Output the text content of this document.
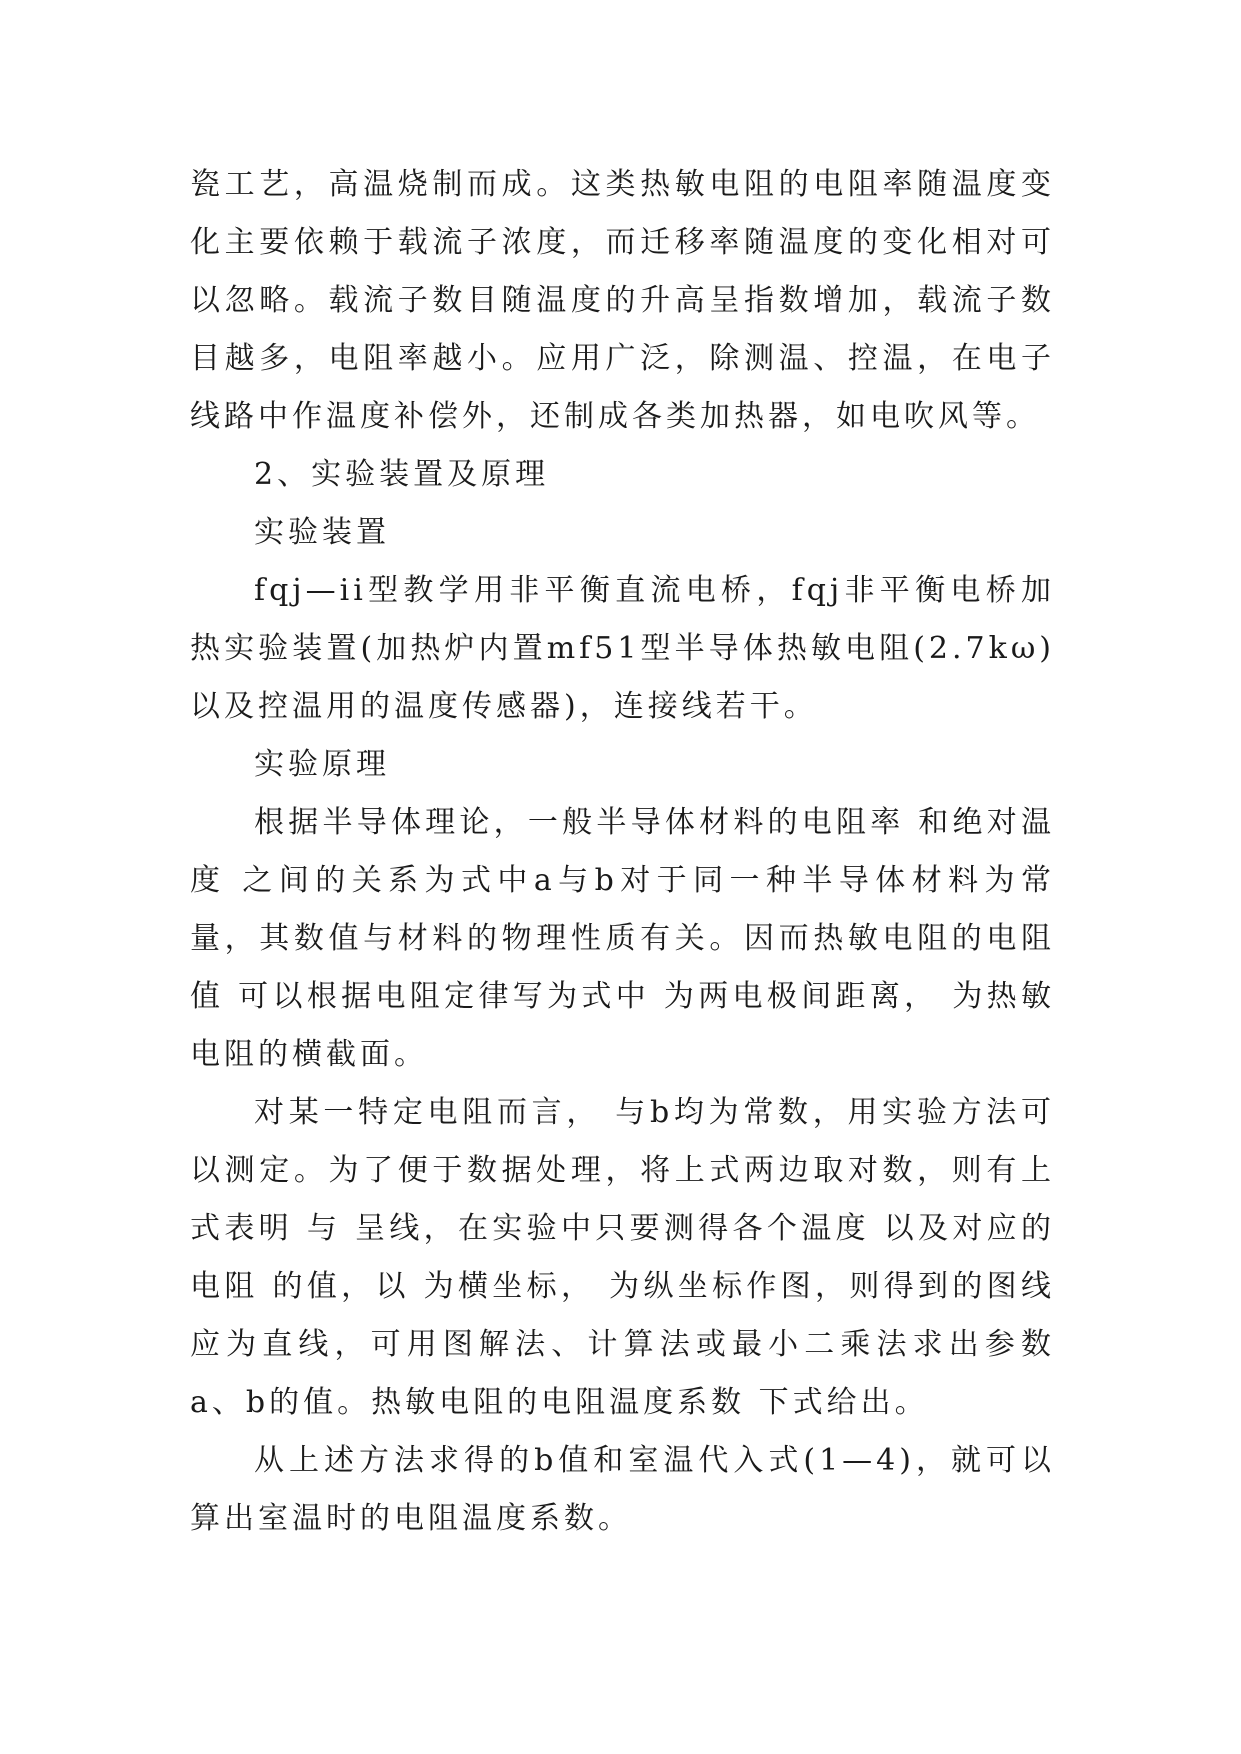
瓷工艺，高温烧制而成。这类热敏电阻的电阻率随温度变化主要依赖于载流子浓度，而迁移率随温度的变化相对可以忽略。载流子数目随温度的升高呈指数增加，载流子数目越多，电阻率越小。应用广泛，除测温、控温，在电子线路中作温度补偿外，还制成各类加热器，如电吹风等。

2、实验装置及原理

实验装置

fqj—ii型教学用非平衡直流电桥，fqj非平衡电桥加热实验装置(加热炉内置mf51型半导体热敏电阻(2.7kω)以及控温用的温度传感器)，连接线若干。

实验原理

根据半导体理论，一般半导体材料的电阻率 和绝对温度 之间的关系为式中a与b对于同一种半导体材料为常量，其数值与材料的物理性质有关。因而热敏电阻的电阻值 可以根据电阻定律写为式中 为两电极间距离， 为热敏电阻的横截面。

对某一特定电阻而言， 与b均为常数，用实验方法可以测定。为了便于数据处理，将上式两边取对数，则有上式表明 与 呈线，在实验中只要测得各个温度 以及对应的电阻 的值，以 为横坐标， 为纵坐标作图，则得到的图线应为直线，可用图解法、计算法或最小二乘法求出参数 a、b的值。热敏电阻的电阻温度系数 下式给出。

从上述方法求得的b值和室温代入式(1—4)，就可以算出室温时的电阻温度系数。
